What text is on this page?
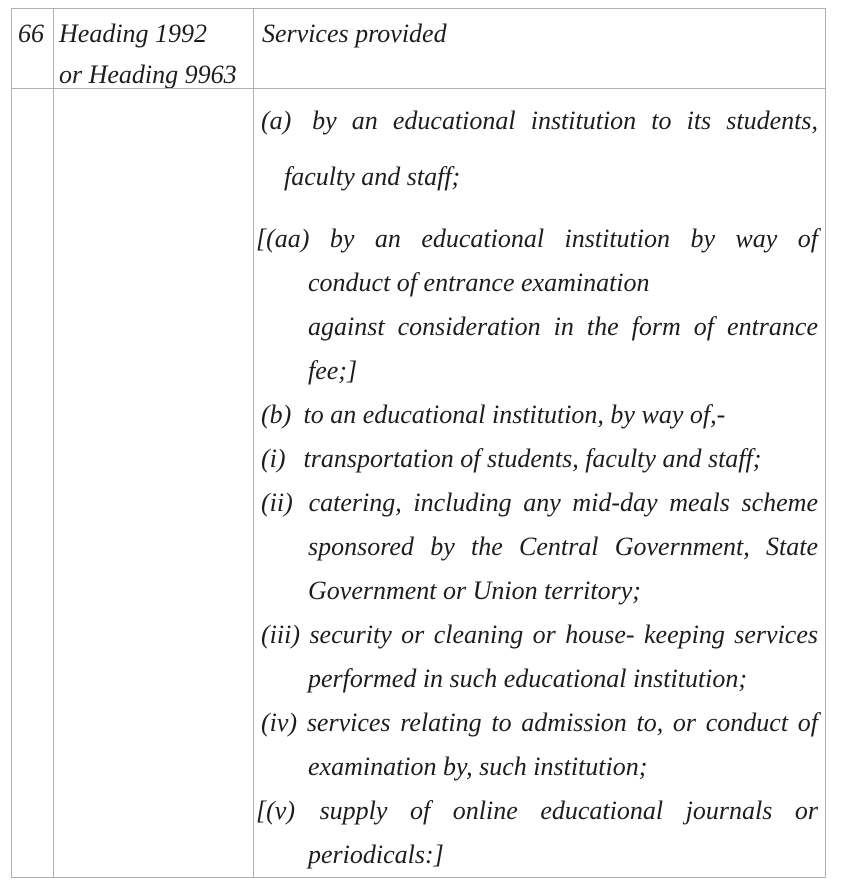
66 Heading 1992
or Heading 9963
Services provided
(a) by an educational institution to its students,
faculty and staff;
[(aa) by an educational institution by way of
conduct of entrance examination
against consideration in the form of entrance
fee;]
(b) to an educational institution, by way of,-
(i) transportation of students, faculty and staff;
(ii) catering, including any mid-day meals scheme
sponsored by the Central Government, State
Government or Union territory;
(iii) security or cleaning or house- keeping services
performed in such educational institution;
(iv) services relating to admission to, or conduct of
examination by, such institution;
[(v) supply of online educational journals or
periodicals:]
